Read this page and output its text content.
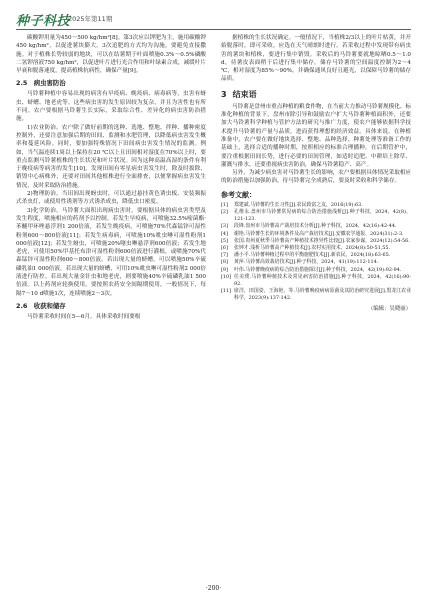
种子科技
2025年第11期

碳酸钾用量为450～500 kg/hm²[8]。第3次应以钾肥为主，施用碳酸钾450 kg/hm²，以促进薯块膨大。3次追肥的方式均为沟施，要避免直接撒施。对于植株长势较弱的地块，可以在结薯期于叶面喷施0.3%～0.5%磷酸二氢钾溶液750 kg/hm²，以促进叶片进行光合作用和叶绿素合成，减缓叶片早衰和脱落速度，提高植株抗病性，确保产量[9]。

2.5　病虫害防治

马铃薯种植中容易出现的病害有早疫病、晚疫病、病毒病等，虫害有蚜虫、蛴螬、地老虎等。这些病虫害的发生原因较为复杂，并且为害性也有所不同。农户要根据马铃薯生长实际，采取综合性、差异化的病虫害防治措施。

1)农业防治。农户除了做好前期的选种、选地、整地、拌种、播种密度控制外，还要注意加强后期的田间、监测和水肥管理，以降低病虫害发生概率和蔓延风险。同时，要加强特殊情况下田间病虫害发生情况的监测。例如，当气温连续1周以上保持在20 ℃以上且田间相对湿度在70%以上时，要重点监测马铃薯植株的生长状况和叶片状况。因为这种高温高湿的条件有利于晚疫病等病害的发生[10]。发现田间有零星病虫害发生时，除及时拔除、销毁中心病株外，还要对田间其他植株进行全面排查，以便掌握病虫害发生情况，及时采取防治措施。

2)物理防治。当田间出现蚜虫时，可以通过悬挂黄色诱虫板、安装频振式杀虫灯，或使用性诱剂等方式诱杀成虫，降低虫口密度。

3)化学防治。马铃薯大面积出现病虫害时，要根据具体的病虫害类型及发生程度，喷施相应的药剂予以控制。若发生早疫病，可喷施32.5%嘧菌酯·苯醚甲环唑悬浮剂1 200倍液，若发生晚疫病，可喷施70%代森锰锌可湿性粉剂600～800倍液[11]；若发生病毒病，可喷施10%吡虫啉可湿性粉剂1 000倍液[12]；若发生蚜虫，可喷施20%噻虫啉悬浮剂600倍液；若发生地老虎，可使用50%甲基托布津可湿性粉剂600倍液进行灌根，或喷施70%代森锰锌可湿性粉剂600～800倍液。若出现大量的蛴螬，可以喷施50%辛硫磷乳油1 000倍液。若出现大量的蛴螬，可用10%吡虫啉可湿性粉剂2 000倍液进行防控。若出现大量金针虫和地老虎，则要喷施40%辛硫磷乳油1 500倍液。以上药剂应轮换使用，要按照农药安全间隔期使用，一般情况下，每隔7～10 d喷施1次，连续喷施2～3次。

2.6　收获和储存

马铃薯采收时间在5—6月。具体采收时间要根

据植株的生长状况确定。一般情况下，当植株2/3以上的叶片枯黄，并开始脱落时，即可采收。应选在天气晴朗时进行。若采收过程中发现带有病虫害的薯块和植株，要进行集中销毁。采收后的马铃薯要就地晾晒0.5～1.0 d，待薯皮表面稍干后进行集中储存。储存马铃薯的空间温度控制为2～4 ℃，相对湿度为85%～90%。并确保通风良好且避光，以保障马铃薯的储存品质。

3 结束语

马铃薯是盘州市重点种植的粮食作物，在当前大力推动马铃薯规模化、标准化种植的背景下，盘州市除引导和鼓励农户扩大马铃薯种植面积外，还要加大马铃薯科学种植与管护方法的研究与推广力度，使农户能够依据科学技术提升马铃薯的产量与品质，进而获得理想的经济效益。具体来说，在种植准备中，农户要在做好地块选择、整地、品种选择、种薯处理等准备工作的基础上，选择合适的播种时期，按照相应的标准合理播种。在后期管护中，要注重根据田间长势，进行必要的田间管理，如适时追肥、中耕培土除草、灌溉与排水，还要重视病虫害防治，确保马铃薯稳产、高产。

另外，为减少病虫害对马铃薯生长的影响，农户要根据具体情况采取相应的防治措施以加强防治，待马铃薯完全成熟后，要及时采收和科学储存。

参考文献：
[1]	郑建斌.马铃薯的生长习性[J].农民致富之友，2016(19):63.
[2]	孔维永.盘州市马铃薯常见病的综合防治措施浅析[J].种子科技，2024，42(8)，121-123.
[3]	段锋.盘州市马铃薯高产栽培技术分析[J].种子科技，2024，42(16):42-44.
[4]	谢艳.马铃薯生长的环境条件及高产栽培技术[J].安徽农学通报，2024(31):2-3.
[5]	张国.贵州夏秋季马铃薯高产种植技术推异性比较[J].农家参谋，2024(12):54-56.
[6]	张钟才.浅析马铃薯高产种植技术[J].农村实用技术，2024(8):50-51,55.
[7]	潘小平.马铃薯种植过程中的平衡施肥技术[J].新农民，2024(18):63-65.
[8]	黄萍.马铃薯高效栽培技术[J].种子科技，2024，41(19):112-114.
[9]	叶伟.马铃薯晚疫病的综合防治措施探讨[J].种子科技，2024，42(19):92-94.
[10] 任美璞.马铃薯种植技术及常见病害防治措施[J].种子科技，2024，42(16):90-92.
[11] 席洋，田国姿，王海艳，等.马铃薯晚疫病病原菌及其防治研究进展[J].黑龙江农业科学，2023(9):137-142.
（编辑：吴晓丽）
·200·
